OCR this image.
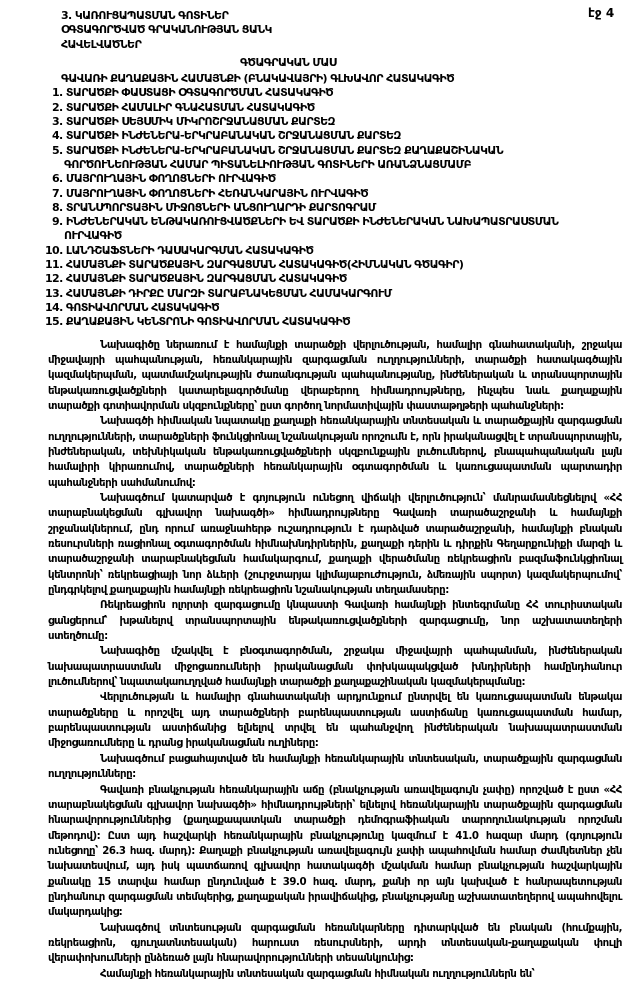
էջ 4
3. ԿԱՌՈՒՑԱՊԱՏՄԱՆ ԳՈՏԻՆԵՐ
ՕԳՏԱԳՈՐԾՎԱԾ ԳՐԱԿԱՆՈՒԹՅԱՆ ՑԱՆԿ
ՀԱՎԵԼՎԱԾՆԵՐ
ԳԾԱԳՐԱԿԱՆ ՄԱՍ
ԳԱՎԱՌԻ ՔԱՂԱՔԱՅԻՆ ՀԱՄԱՅՆՔԻ (ԲՆԱԿԱՎԱՅՐԻ) ԳԼԽԱՎՈՐ ՀԱՏԱԿԱԳԻԾ
1. ՏԱՐԱԾՔԻ ՓԱՍՏԱՑԻ ՕԳՏԱԳՈՐԾՄԱՆ ՀԱՏԱԿԱԳԻԾ
2. ՏԱՐԱԾՔԻ ՀԱՄԱԼԻՐ ԳՆԱՀԱՏՄԱՆ ՀԱՏԱԿԱԳԻԾ
3. ՏԱՐԱԾՔԻ ՍԵՅՍՄԻԿ ՄԻԿՐՈՇՐՋԱՆԱՑՄԱՆ ՔԱՐՏԵԶ
4. ՏԱՐԱԾՔԻ ԻՆԺԵՆԵՐԱ-ԵՐԿՐԱԲԱՆԱԿԱՆ ՇՐՋԱՆԱՑՄԱՆ ՔԱՐՏԵԶ
5. ՏԱՐԱԾՔԻ ԻՆԺԵՆԵՐԱ-ԵՐԿՐԱԲԱՆԱԿԱՆ ՇՐՋԱՆԱՑՄԱՆ ՔԱՐՏԵԶ ՔԱՂԱՔԱՇԻՆԱԿԱՆ
ԳՈՐԾՈՒՆԵՈՒԹՅԱՆ ՀԱՄԱՐ ՊԻՏԱՆԵԼԻՈՒԹՅԱՆ ԳՈՏԻՆԵՐԻ ԱՌԱՆՁՆԱՑՄԱՄԲ
6. ՄԱՅՐՈՒՂԱՅԻՆ ՓՈՂՈՑՆԵՐԻ ՈՒՐՎԱԳԻԾ
7. ՄԱՅՐՈՒՂԱՅԻՆ ՓՈՂՈՑՆԵՐԻ ՀԵՌԱՆԿԱՐԱՅԻՆ ՈՒՐՎԱԳԻԾ
8. ՏՐԱՆՍՊՈՐՏԱՅԻՆ ՄԻՋՈՑՆԵՐԻ ԱՆՑՈՒՂԱՐԴԻ ՔԱՐՏՈԳՐԱՄ
9. ԻՆԺԵՆԵՐԱԿԱՆ ԵՆԹԱԿԱՌՈՒՑՎԱԾՔՆԵՐԻ ԵՎ ՏԱՐԱԾՔԻ ԻՆԺԵՆԵՐԱԿԱՆ ՆԱԽԱՊԱՏՐԱՍՏՄԱՆ
ՈՒՐՎԱԳԻԾ
10. ԼԱՆԴՇԱՖՏՆԵՐԻ ԴԱՍԱԿԱՐԳՄԱՆ ՀԱՏԱԿԱԳԻԾ
11. ՀԱՄԱՅՆՔԻ ՏԱՐԱԾՔԱՅԻՆ ԶԱՐԳԱՑՄԱՆ ՀԱՏԱԿԱԳԻԾ(ՀԻՄՆԱԿԱՆ ԳԾԱԳԻՐ)
12. ՀԱՄԱՅՆՔԻ ՏԱՐԱԾՔԱՅԻՆ ԶԱՐԳԱՑՄԱՆ ՀԱՏԱԿԱԳԻԾ
13. ՀԱՄԱՅՆՔԻ ԴԻՐՔԸ ՄԱՐԶԻ ՏԱՐԱԲՆԱԿԵՑՄԱՆ ՀԱՄԱԿԱՐԳՈՒՄ
14. ԳՈՏԻԱՎՈՐՄԱՆ ՀԱՏԱԿԱԳԻԾ
15. ՔԱՂԱՔԱՅԻՆ ԿԵՆՏՐՈՆԻ ԳՈՏԻԱՎՈՐՄԱՆ ՀԱՏԱԿԱԳԻԾ

Նախագիծը ներառում է համայնքի տարածքի վերլուծության, համալիր գնահատականի, շրջակա միջավայրի պահպանության, հեռանկարային զարգացման ուղղությունների, տարածքի հատակագծային կազմակերպման, պատմամշակութային ժառանգության պահպանությանը, ինժեներական և տրանսպորտային ենթակառուցվածքների կատարելագործմանը վերաբերող հիմնադրույթները, ինչպես նաև քաղաքային տարածքի գոտիավորման սկզբունքները՝ ըստ գործող նորմատիվային փաստաթղթերի պահանջների:

Նախագծի հիմնական նպատակը քաղաքի հեռանկարային տնտեսական և տարածքային զարգացման ուղղությունների, տարածքների ֆունկցիոնալ նշանակության որոշումն է, որն իրականացվել է տրանսպորտային, ինժեներական, տեխնիկական ենթակառուցվածքների սկզբունքային լուծումներով, բնապահպանական լայն համալիրի կիրառումով, տարածքների հեռանկարային օգտագործման և կառուցապատման պարտադիր պահանջների սահմանումով:

Նախագծում կատարված է գոյություն ունեցող վիճակի վերլուծություն՝ մանրամասնեցնելով «ՀՀ տարաբնակեցման գլխավոր նախագծի» հիմնադրույթները Գավառի տարածաշրջանի և համայնքի շրջանակներում, ընդ որում առաջնահերթ ուշադրություն է դարձված տարածաշրջանի, համայնքի բնական ռեսուրսների ռացիոնալ օգտագործման հիմնախնդիրներին, քաղաքի դերին և դիրքին Գեղարքունիքի մարզի և տարածաշրջանի տարաբնակեցման համակարգում, քաղաքի վերածմանը ռեկրեացիոն բազմաֆունկցիոնալ կենտրոնի՝ ռեկրեացիայի նոր ձևերի (շուրջտարյա կլիմայաբուժություն, ձմեռային սպորտ) կազմակերպումով՝ ընդգրկելով քաղաքային համայնքի ռեկրեացիոն նշանակության տեղամասերը:

Ռեկրեացիոն ոլորտի զարգացումը կնպաստի Գավառի համայնքի ինտեգրմանը ՀՀ տուրիստական ցանցերում՝ խթանելով տրանսպորտային ենթակառուցվածքների զարգացումը, նոր աշխատատեղերի ստեղծումը:

Նախագիծը մշակվել է բնօգտագործման, շրջակա միջավայրի պահպանման, ինժեներական նախապատրաստման միջոցառումների իրականացման փոխկապակցված խնդիրների համընդհանուր լուծումներով՝ նպատակաուղղված համայնքի տարածքի քաղաքաշինական կազմակերպմանը:

Վերլուծության և համալիր գնահատականի արդյունքում ընտրվել են կառուցապատման ենթակա տարածքները և որոշվել այդ տարածքների բարենպաստության աստիճանը կառուցապատման համար, բարենպաստության աստիճանից ելնելով տրվել են պահանջվող ինժեներական նախապատրաստման միջոցառումները և դրանց իրականացման ուղիները:

Նախագծում բացահայտված են համայնքի հեռանկարային տնտեսական, տարածքային զարգացման ուղղությունները:

Գավառի բնակչության հեռանկարային աճը (բնակչության առավելագույն չափը) որոշված է ըստ «ՀՀ տարաբնակեցման գլխավոր նախագծի» հիմնադրույթների՝ ելնելով հեռանկարային տարածքային զարգացման հնարավորություններից (քաղաքապատկան տարածքի դեմոգրաֆիական տարողունակության որոշման մեթոդով): Ըստ այդ հաշվարկի հեռանկարային բնակչությունը կազմում է 41.0 հազար մարդ (գոյություն ունեցողը՝ 26.3 հազ. մարդ): Քաղաքի բնակչության առավելագույն չափի ապահովման համար ժամկետներ չեն նախատեսվում, այդ իսկ պատճառով գլխավոր հատակագծի մշակման համար բնակչության հաշվարկային քանակը 15 տարվա համար ընդունված է 39.0 հազ. մարդ, քանի որ այն կախված է հանրապետության ընդհանուր զարգացման տեմպերից, քաղաքական իրավիճակից, բնակչությանը աշխատատեղերով ապահովելու մակարդակից:

Նախագծով տնտեսության զարգացման հեռանկարները դիտարկված են բնական (հումքային, ռեկրեացիոն, գյուղատնտեսական) հարուստ ռեսուրսների, արդի տնտեսական-քաղաքական փուլի վերափոխումների ընձեռած լայն հնարավորությունների տեսանկյունից:

Համայնքի հեռանկարային տնտեսական զարգացման հիմնական ուղղություններն են՝
